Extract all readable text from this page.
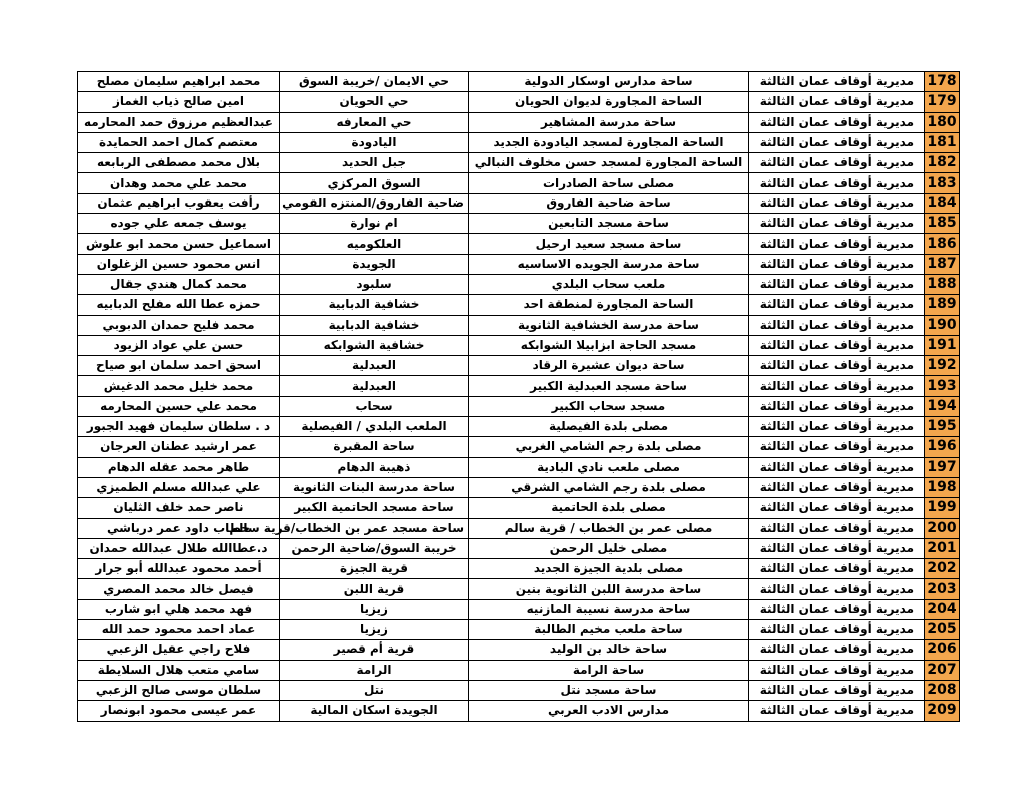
178	مديرية أوقاف عمان الثالثة	ساحة مدارس اوسكار الدولية	حي الايمان /خريبة السوق	محمد ابراهيم سليمان مصلح
179	مديرية أوقاف عمان الثالثة	الساحة المجاورة لديوان الحويان	حي الحويان	امين صالح ذياب الغماز
180	مديرية أوقاف عمان الثالثة	ساحة مدرسة المشاهير	حي المعارفه	عبدالعظيم مرزوق حمد المحارمه
181	مديرية أوقاف عمان الثالثة	الساحة المجاورة لمسجد اليادودة الجديد	اليادودة	معتصم كمال احمد الحمايدة
182	مديرية أوقاف عمان الثالثة	الساحة المجاورة لمسجد حسن مخلوف النبالي	جبل الحديد	بلال محمد مصطفى الربابعه
183	مديرية أوقاف عمان الثالثة	مصلى ساحة الصادرات	السوق المركزي	محمد علي محمد وهدان
184	مديرية أوقاف عمان الثالثة	ساحة ضاحية الفاروق	ضاحية الفاروق/المنتزه القومي	رأفت يعقوب ابراهيم عثمان
185	مديرية أوقاف عمان الثالثة	ساحة مسجد التابعين	ام نوارة	يوسف جمعه علي جوده
186	مديرية أوقاف عمان الثالثة	ساحة مسجد سعيد ارحيل	العلكوميه	اسماعيل حسن محمد ابو علوش
187	مديرية أوقاف عمان الثالثة	ساحة مدرسة الجويده الاساسيه	الجويدة	انس محمود حسين الزغلوان
188	مديرية أوقاف عمان الثالثة	ملعب سحاب البلدي	سلبود	محمد كمال هندي جقال
189	مديرية أوقاف عمان الثالثة	الساحة المجاورة لمنطقة احد	خشافية الدبابية	حمزه عطا الله مفلح الدبابيه
190	مديرية أوقاف عمان الثالثة	ساحة مدرسة الخشافية الثانوية	خشافية الدبابية	محمد فليح حمدان الدبوبي
191	مديرية أوقاف عمان الثالثة	مسجد الحاجة ابزابيلا الشوابكه	خشافية الشوابكه	حسن علي عواد الزيود
192	مديرية أوقاف عمان الثالثة	ساحة ديوان عشيرة الرقاد	العبدلية	اسحق احمد سلمان ابو صياح
193	مديرية أوقاف عمان الثالثة	ساحة مسجد العبدلية الكبير	العبدلية	محمد خليل محمد الدغيش
194	مديرية أوقاف عمان الثالثة	مسجد سحاب الكبير	سحاب	محمد علي حسين المحارمه
195	مديرية أوقاف عمان الثالثة	مصلى بلدة الفيصلية	الملعب البلدي / الفيصلية	د . سلطان سليمان فهيد الجبور
196	مديرية أوقاف عمان الثالثة	مصلى بلدة رجم الشامي الغربي	ساحة المقبرة	عمر ارشيد عطنان العرجان
197	مديرية أوقاف عمان الثالثة	مصلى ملعب نادي البادية	ذهيبة الدهام	طاهر محمد عقله الدهام
198	مديرية أوقاف عمان الثالثة	مصلى بلدة رجم الشامي الشرقي	ساحة مدرسة البنات الثانوية	علي عبدالله مسلم الطميزي
199	مديرية أوقاف عمان الثالثة	مصلى بلدة الحاتمية	ساحة مسجد الحاتمية الكبير	ناصر حمد خلف الثليان
200	مديرية أوقاف عمان الثالثة	مصلى عمر بن الخطاب / قرية سالم	ساحة مسجد عمر بن الخطاب/قرية سالم	خطاب داود عمر درباشي
201	مديرية أوقاف عمان الثالثة	مصلى خليل الرحمن	خريبة السوق/ضاحية الرحمن	د.عطاالله طلال عبدالله حمدان
202	مديرية أوقاف عمان الثالثة	مصلى بلدية الجيزة الجديد	قرية الجيزة	أحمد محمود عبدالله أبو جرار
203	مديرية أوقاف عمان الثالثة	ساحة مدرسة اللبن الثانوية بنين	قرية اللبن	فيصل خالد محمد المصري
204	مديرية أوقاف عمان الثالثة	ساحة مدرسة نسيبة المازنيه	زيزيا	فهد محمد هلي ابو شارب
205	مديرية أوقاف عمان الثالثة	ساحة ملعب مخيم الطالبة	زيزيا	عماد احمد محمود حمد الله
206	مديرية أوقاف عمان الثالثة	ساحة خالد بن الوليد	قرية أم قصير	فلاح راجي عقيل الزعبي
207	مديرية أوقاف عمان الثالثة	ساحة الرامة	الرامة	سامي متعب هلال السلايطة
208	مديرية أوقاف عمان الثالثة	ساحة مسجد نتل	نتل	سلطان موسى صالح الزعبي
209	مديرية أوقاف عمان الثالثة	مدارس الادب العربي	الجويدة اسكان المالية	عمر عيسى محمود ابونصار
